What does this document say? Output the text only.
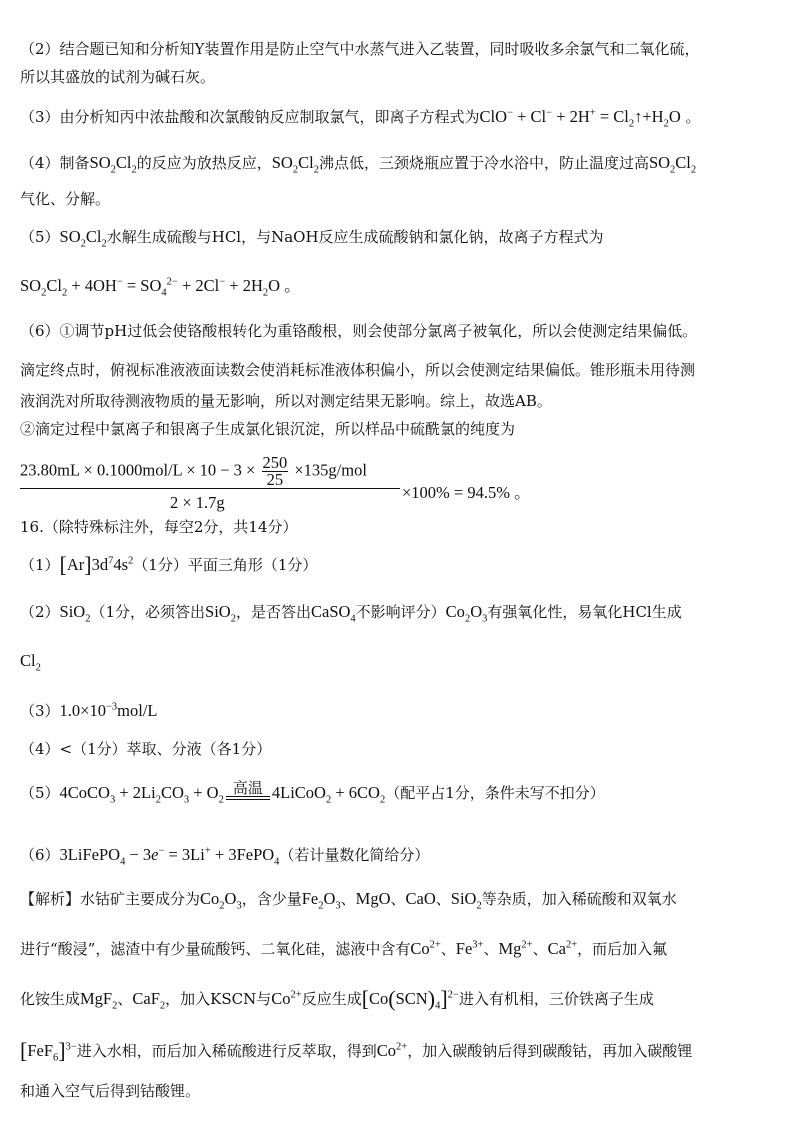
（2）结合题已知和分析知Y装置作用是防止空气中水蒸气进入乙装置，同时吸收多余氯气和二氧化硫，
所以其盛放的试剂为碱石灰。
（3）由分析知丙中浓盐酸和次氯酸钠反应制取氯气，即离子方程式为$ClO^- + Cl^- + 2H^+ = Cl_2↑+H_2O$ 。
（4）制备$SO_2Cl_2$的反应为放热反应，$SO_2Cl_2$沸点低，三颈烧瓶应置于冷水浴中，防止温度过高$SO_2Cl_2$
气化、分解。
$(5)SO_2Cl_2$水解生成硫酸与HCl，与NaOH反应生成硫酸钠和氯化钠，故离子方程式为
$SO_2Cl_2 + 4OH^- = SO_4^{2-} + 2Cl^- + 2H_2O$ 。
（6）①调节pH过低会使铬酸根转化为重铬酸根，则会使部分氯离子被氧化，所以会使测定结果偏低。
滴定终点时，俯视标准液液面读数会使消耗标准液体积偏小，所以会使测定结果偏低。锥形瓶未用待测
液润洗对所取待测液物质的量无影响，所以对测定结果无影响。综上，故选AB。
②滴定过程中氯离子和银离子生成氯化银沉淀，所以样品中硫酰氯的纯度为
$23.80mL \times 0.1000mol/L \times 10 - 3 \times \frac{250}{25} \times 135g/mol$
2 × 1.7g
×100% = 94.5% 。
16.（除特殊标注外，每空2分，共14分）
$(1)[Ar]3d^74s^2(1$分）平面三角形（1分）
（2）SiO$_2$（1分，必须答出SiO$_2$，是否答出CaSO$_4$不影响评分）$Co_2O_3$有强氧化性，易氧化HCl生成
$Cl_2$
$(3)1.0\times 10^{-3}mol/L$
（4）<（1分）萃取、分液（各1分）
（5）4CoCO$_3$ + $2Li_2CO_3 + O_2$
高温 4LiCoO$_2$ + $6CO_2$（配平占1分，条件未写不扣分）
（6）3LiFePO$_4$ − 3e− = 3Li+ + 3FePO$_4$（若计量数化简给分）
【解析】水钴矿主要成分为$Co_2O_3$，含少量$Fe_2O_3$、MgO、CaO、SiO$_2$等杂质，加入稀硫酸和双氧水
进行“酸浸”，滤渣中有少量硫酸钙、二氧化硅，滤液中含有$Co^{2+}$、$Fe^{3+}$、$Mg^{2+}$、$Ca^{2+}$，而后加入氟
化铵生成MgF$_2$、CaF$_2$，加入KSCN与$Co^{2+}$反应生成$[Co(SCN)_4]^{2-}$进入有机相，三价铁离子生成
$[FeF_6]^{3-}$进入水相，而后加入稀硫酸进行反萃取，得到$Co^{2+}$，加入碳酸钠后得到碳酸钴，再加入碳酸锂
和通入空气后得到钴酸锂。
